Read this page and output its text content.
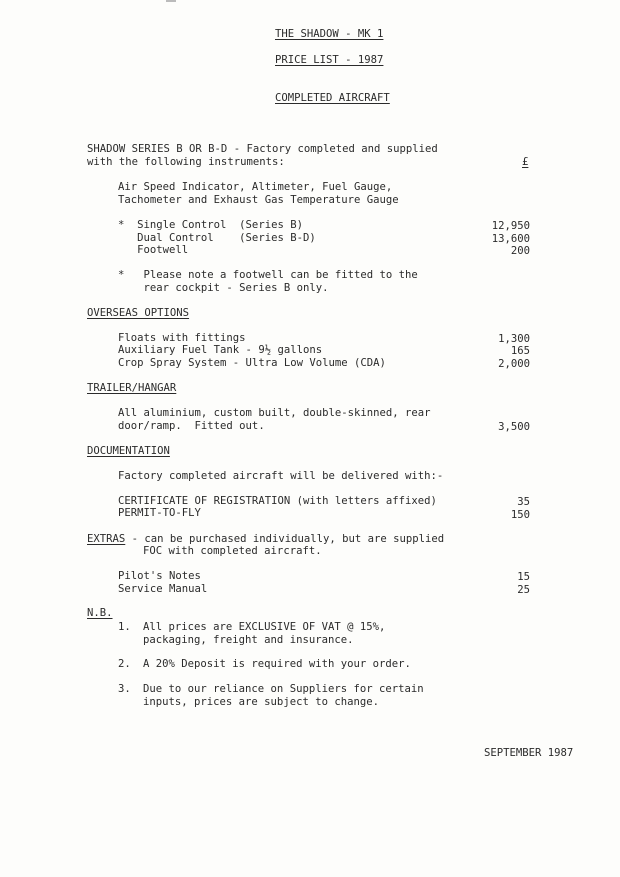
THE SHADOW - MK 1
PRICE LIST - 1987
COMPLETED AIRCRAFT
SHADOW SERIES B OR B-D - Factory completed and supplied
with the following instruments:	£
Air Speed Indicator, Altimeter, Fuel Gauge,
Tachometer and Exhaust Gas Temperature Gauge
*  Single Control  (Series B)	12,950
Dual Control    (Series B-D)	13,600
Footwell	200
*   Please note a footwell can be fitted to the
rear cockpit - Series B only.
OVERSEAS OPTIONS
Floats with fittings	1,300
Auxiliary Fuel Tank - 9½ gallons	165
Crop Spray System - Ultra Low Volume (CDA)	2,000
TRAILER/HANGAR
All aluminium, custom built, double-skinned, rear
door/ramp.  Fitted out.	3,500
DOCUMENTATION
Factory completed aircraft will be delivered with:-
CERTIFICATE OF REGISTRATION (with letters affixed)	35
PERMIT-TO-FLY	150
EXTRAS - can be purchased individually, but are supplied
FOC with completed aircraft.
Pilot's Notes	15
Service Manual	25
N.B.
1. All prices are EXCLUSIVE OF VAT @ 15%,
packaging, freight and insurance.
2. A 20% Deposit is required with your order.
3. Due to our reliance on Suppliers for certain
inputs, prices are subject to change.
SEPTEMBER 1987
